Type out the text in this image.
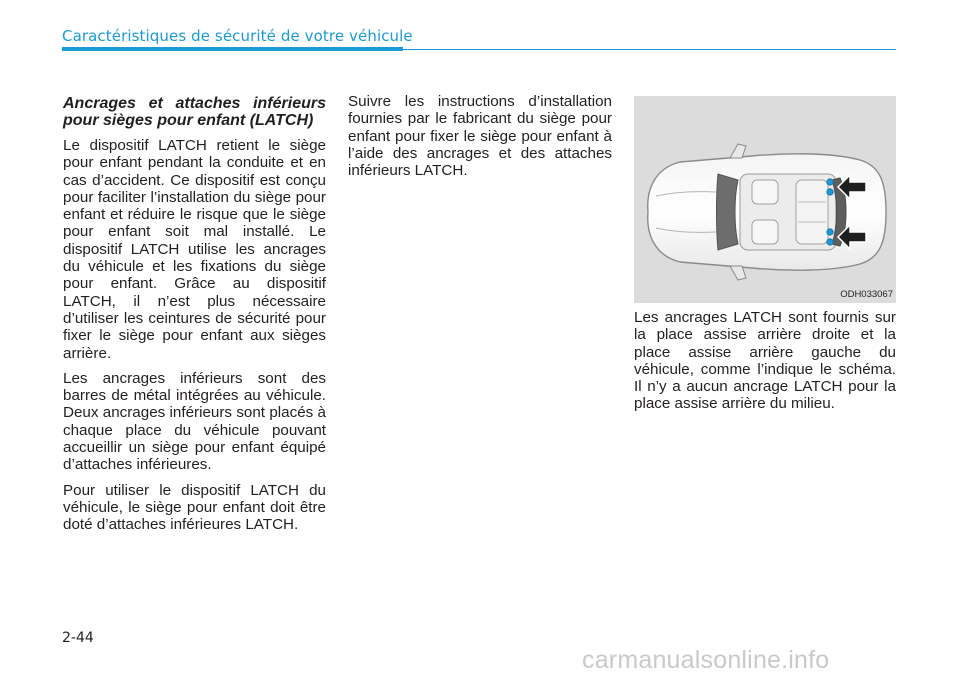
Caractéristiques de sécurité de votre véhicule

Ancrages et attaches inférieurs pour sièges pour enfant (LATCH)

Le dispositif LATCH retient le siège pour enfant pendant la conduite et en cas d’accident. Ce dispositif est conçu pour faciliter l’installation du siège pour enfant et réduire le risque que le siège pour enfant soit mal installé. Le dispositif LATCH utilise les ancrages du véhicule et les fixations du siège pour enfant. Grâce au dispositif LATCH, il n’est plus nécessaire d’utiliser les ceintures de sécurité pour fixer le siège pour enfant aux sièges arrière.

Les ancrages inférieurs sont des barres de métal intégrées au véhicule. Deux ancrages inférieurs sont placés à chaque place du véhicule pouvant accueillir un siège pour enfant équipé d’attaches inférieures.

Pour utiliser le dispositif LATCH du véhicule, le siège pour enfant doit être doté d’attaches inférieures LATCH.

Suivre les instructions d’installation fournies par le fabricant du siège pour enfant pour fixer le siège pour enfant à l’aide des ancrages et des attaches inférieurs LATCH.

ODH033067

Les ancrages LATCH sont fournis sur la place assise arrière droite et la place assise arrière gauche du véhicule, comme l’indique le schéma. Il n’y a aucun ancrage LATCH pour la place assise arrière du milieu.

2-44
carmanualsonline.info
